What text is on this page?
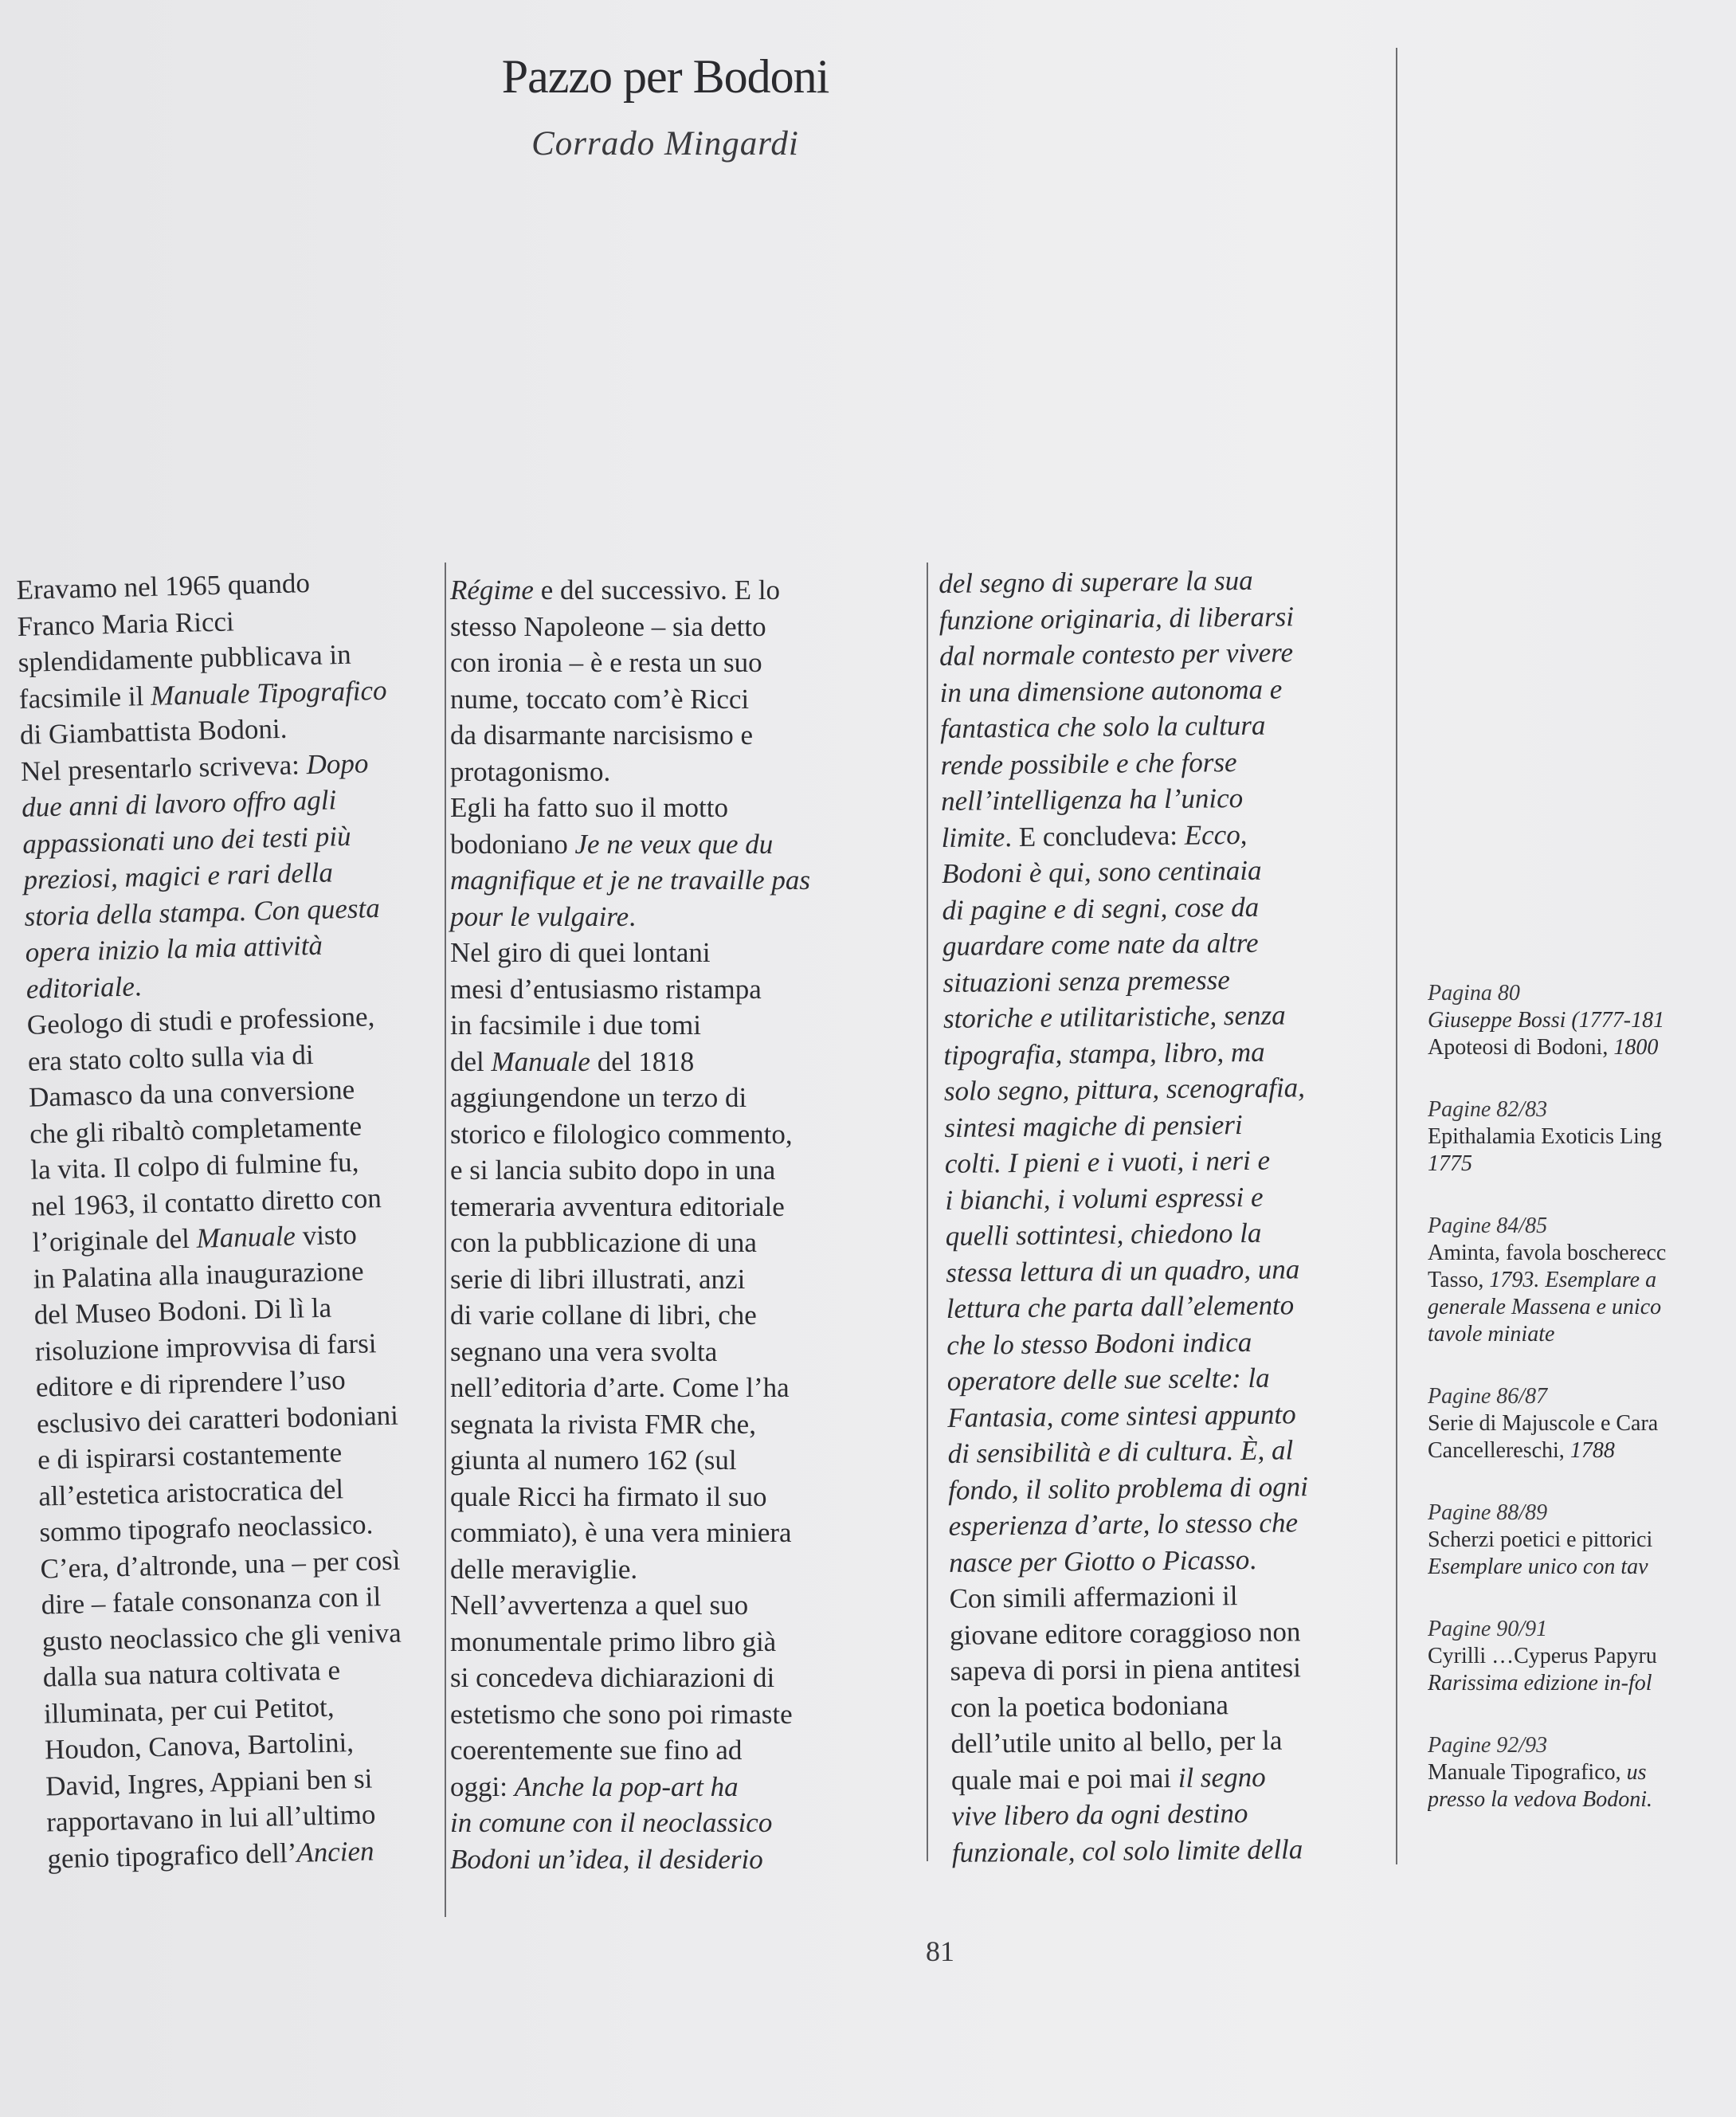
Pazzo per Bodoni
Corrado Mingardi
Eravamo nel 1965 quando
Franco Maria Ricci
splendidamente pubblicava in
facsimile il Manuale Tipografico
di Giambattista Bodoni.
Nel presentarlo scriveva: Dopo
due anni di lavoro offro agli
appassionati uno dei testi più
preziosi, magici e rari della
storia della stampa. Con questa
opera inizio la mia attività
editoriale.
Geologo di studi e professione,
era stato colto sulla via di
Damasco da una conversione
che gli ribaltò completamente
la vita. Il colpo di fulmine fu,
nel 1963, il contatto diretto con
l’originale del Manuale visto
in Palatina alla inaugurazione
del Museo Bodoni. Di lì la
risoluzione improvvisa di farsi
editore e di riprendere l’uso
esclusivo dei caratteri bodoniani
e di ispirarsi costantemente
all’estetica aristocratica del
sommo tipografo neoclassico.
C’era, d’altronde, una – per così
dire – fatale consonanza con il
gusto neoclassico che gli veniva
dalla sua natura coltivata e
illuminata, per cui Petitot,
Houdon, Canova, Bartolini,
David, Ingres, Appiani ben si
rapportavano in lui all’ultimo
genio tipografico dell’Ancien
Régime e del successivo. E lo
stesso Napoleone – sia detto
con ironia – è e resta un suo
nume, toccato com’è Ricci
da disarmante narcisismo e
protagonismo.
Egli ha fatto suo il motto
bodoniano Je ne veux que du
magnifique et je ne travaille pas
pour le vulgaire.
Nel giro di quei lontani
mesi d’entusiasmo ristampa
in facsimile i due tomi
del Manuale del 1818
aggiungendone un terzo di
storico e filologico commento,
e si lancia subito dopo in una
temeraria avventura editoriale
con la pubblicazione di una
serie di libri illustrati, anzi
di varie collane di libri, che
segnano una vera svolta
nell’editoria d’arte. Come l’ha
segnata la rivista FMR che,
giunta al numero 162 (sul
quale Ricci ha firmato il suo
commiato), è una vera miniera
delle meraviglie.
Nell’avvertenza a quel suo
monumentale primo libro già
si concedeva dichiarazioni di
estetismo che sono poi rimaste
coerentemente sue fino ad
oggi: Anche la pop-art ha
in comune con il neoclassico
Bodoni un’idea, il desiderio
del segno di superare la sua
funzione originaria, di liberarsi
dal normale contesto per vivere
in una dimensione autonoma e
fantastica che solo la cultura
rende possibile e che forse
nell’intelligenza ha l’unico
limite. E concludeva: Ecco,
Bodoni è qui, sono centinaia
di pagine e di segni, cose da
guardare come nate da altre
situazioni senza premesse
storiche e utilitaristiche, senza
tipografia, stampa, libro, ma
solo segno, pittura, scenografia,
sintesi magiche di pensieri
colti. I pieni e i vuoti, i neri e
i bianchi, i volumi espressi e
quelli sottintesi, chiedono la
stessa lettura di un quadro, una
lettura che parta dall’elemento
che lo stesso Bodoni indica
operatore delle sue scelte: la
Fantasia, come sintesi appunto
di sensibilità e di cultura. È, al
fondo, il solito problema di ogni
esperienza d’arte, lo stesso che
nasce per Giotto o Picasso.
Con simili affermazioni il
giovane editore coraggioso non
sapeva di porsi in piena antitesi
con la poetica bodoniana
dell’utile unito al bello, per la
quale mai e poi mai il segno
vive libero da ogni destino
funzionale, col solo limite della
Pagina 80
Giuseppe Bossi (1777-181
Apoteosi di Bodoni, 1800
Pagine 82/83
Epithalamia Exoticis Ling
1775
Pagine 84/85
Aminta, favola boscherecc
Tasso, 1793. Esemplare a
generale Massena e unico
tavole miniate
Pagine 86/87
Serie di Majuscole e Cara
Cancellereschi, 1788
Pagine 88/89
Scherzi poetici e pittorici
Esemplare unico con tav
Pagine 90/91
Cyrilli …Cyperus Papyru
Rarissima edizione in-fol
Pagine 92/93
Manuale Tipografico, us
presso la vedova Bodoni.
81
